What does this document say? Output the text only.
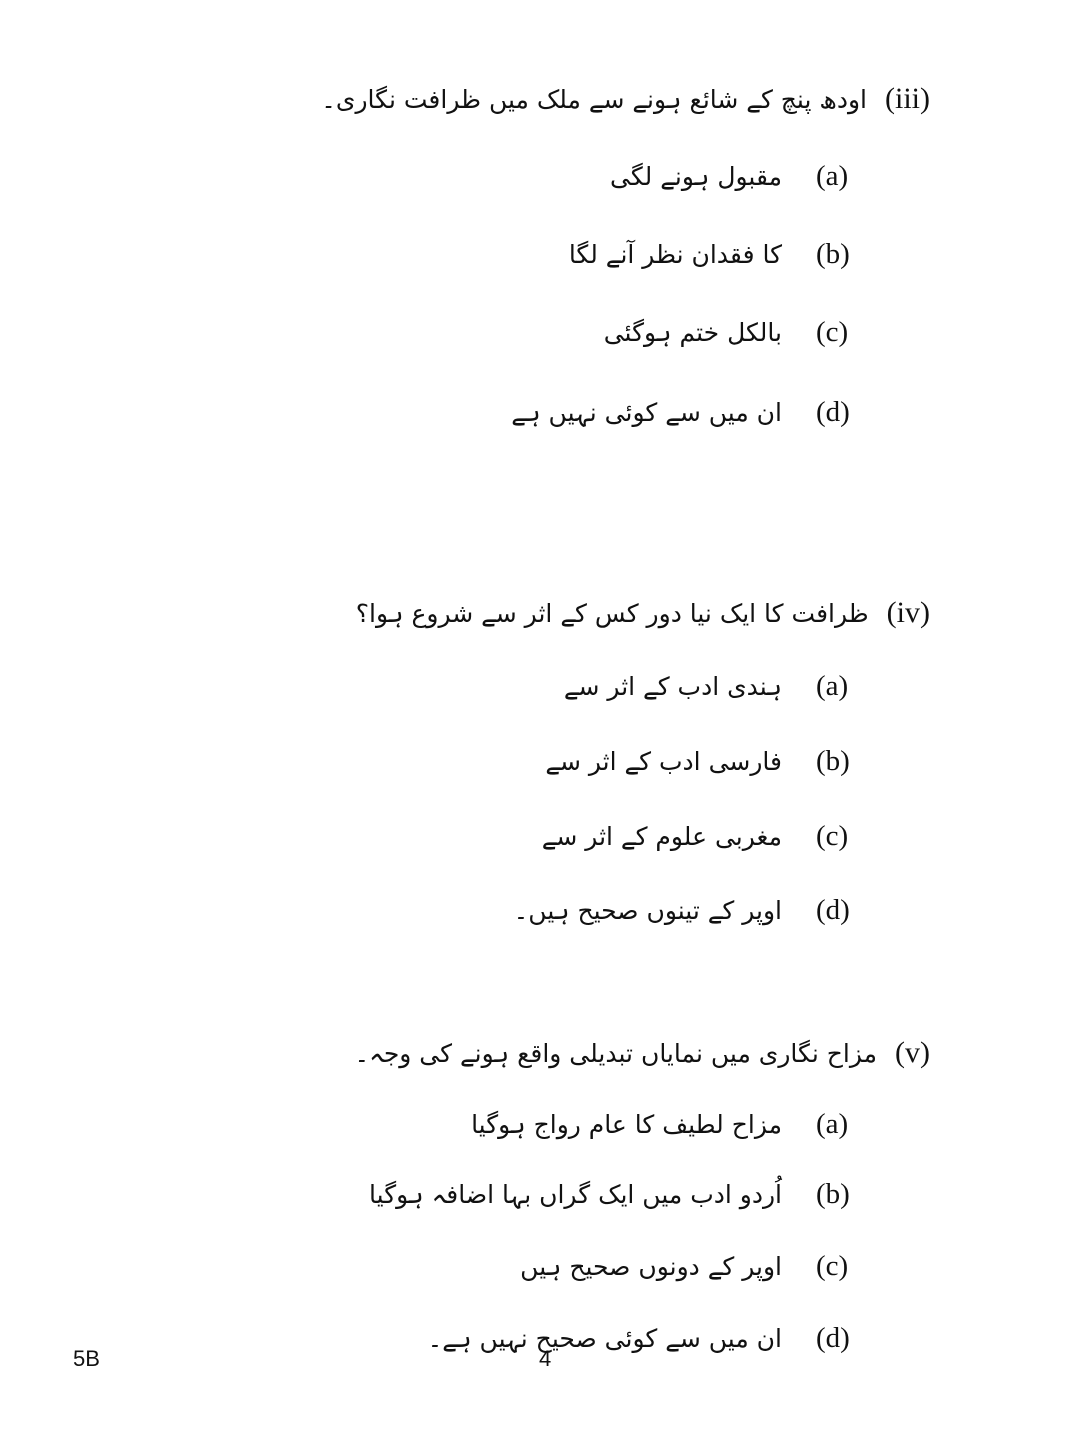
(iii)
اودھ پنچ کے شائع ہونے سے ملک میں ظرافت نگاری۔
(a)
مقبول ہونے لگی
(b)
کا فقدان نظر آنے لگا
(c)
بالکل ختم ہوگئی
(d)
ان میں سے کوئی نہیں ہے
(iv)
ظرافت کا ایک نیا دور کس کے اثر سے شروع ہوا؟
(a)
ہندی ادب کے اثر سے
(b)
فارسی ادب کے اثر سے
(c)
مغربی علوم کے اثر سے
(d)
اوپر کے تینوں صحیح ہیں۔
(v)
مزاح نگاری میں نمایاں تبدیلی واقع ہونے کی وجہ۔
(a)
مزاح لطیف کا عام رواج ہوگیا
(b)
اُردو ادب میں ایک گراں بہا اضافہ ہوگیا
(c)
اوپر کے دونوں صحیح ہیں
(d)
ان میں سے کوئی صحیح نہیں ہے۔
5B	4
